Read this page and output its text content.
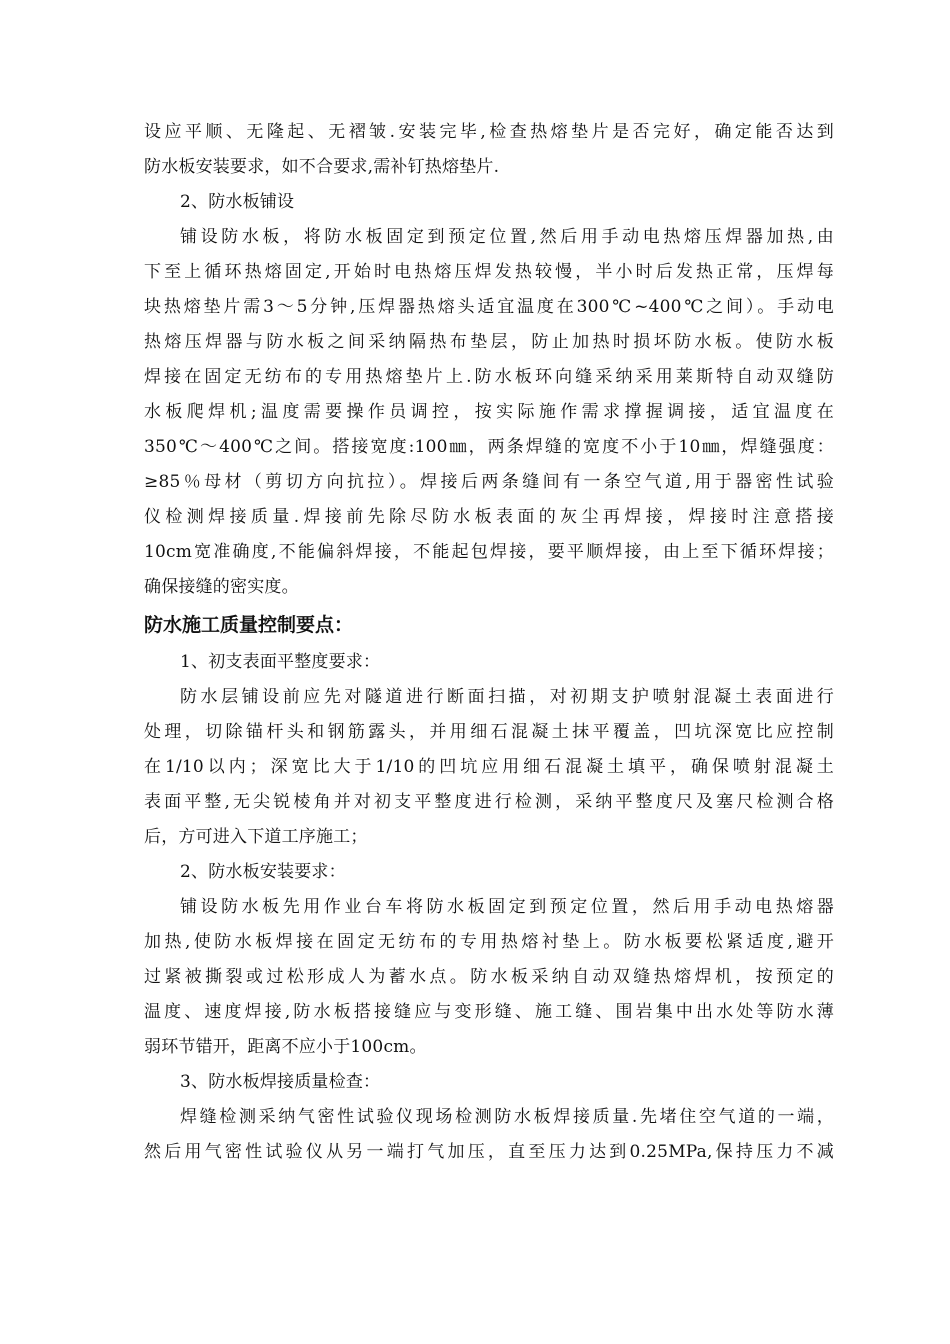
设应平顺、无隆起、无褶皱.安装完毕,检查热熔垫片是否完好，确定能否达到
防水板安装要求，如不合要求,需补钉热熔垫片.
2、防水板铺设
铺设防水板，将防水板固定到预定位置,然后用手动电热熔压焊器加热,由
下至上循环热熔固定,开始时电热熔压焊发热较慢，半小时后发热正常，压焊每
块热熔垫片需3～5分钟,压焊器热熔头适宜温度在300℃~400℃之间）。手动电
热熔压焊器与防水板之间采纳隔热布垫层，防止加热时损坏防水板。使防水板
焊接在固定无纺布的专用热熔垫片上.防水板环向缝采纳采用莱斯特自动双缝防
水板爬焊机;温度需要操作员调控，按实际施作需求撑握调接，适宜温度在
350℃～400℃之间。搭接宽度:100㎜，两条焊缝的宽度不小于10㎜，焊缝强度：
≥85％母材（剪切方向抗拉）。焊接后两条缝间有一条空气道,用于器密性试验
仪检测焊接质量.焊接前先除尽防水板表面的灰尘再焊接，焊接时注意搭接
10cm宽准确度,不能偏斜焊接，不能起包焊接，要平顺焊接，由上至下循环焊接；
确保接缝的密实度。
防水施工质量控制要点：
1、初支表面平整度要求：
防水层铺设前应先对隧道进行断面扫描，对初期支护喷射混凝土表面进行
处理，切除锚杆头和钢筋露头，并用细石混凝土抹平覆盖，凹坑深宽比应控制
在1/10以内；深宽比大于1/10的凹坑应用细石混凝土填平，确保喷射混凝土
表面平整,无尖锐棱角并对初支平整度进行检测，采纳平整度尺及塞尺检测合格
后，方可进入下道工序施工；
2、防水板安装要求：
铺设防水板先用作业台车将防水板固定到预定位置，然后用手动电热熔器
加热,使防水板焊接在固定无纺布的专用热熔衬垫上。防水板要松紧适度,避开
过紧被撕裂或过松形成人为蓄水点。防水板采纳自动双缝热熔焊机，按预定的
温度、速度焊接,防水板搭接缝应与变形缝、施工缝、围岩集中出水处等防水薄
弱环节错开，距离不应小于100cm。
3、防水板焊接质量检查：
焊缝检测采纳气密性试验仪现场检测防水板焊接质量.先堵住空气道的一端，
然后用气密性试验仪从另一端打气加压，直至压力达到0.25MPa,保持压力不减
